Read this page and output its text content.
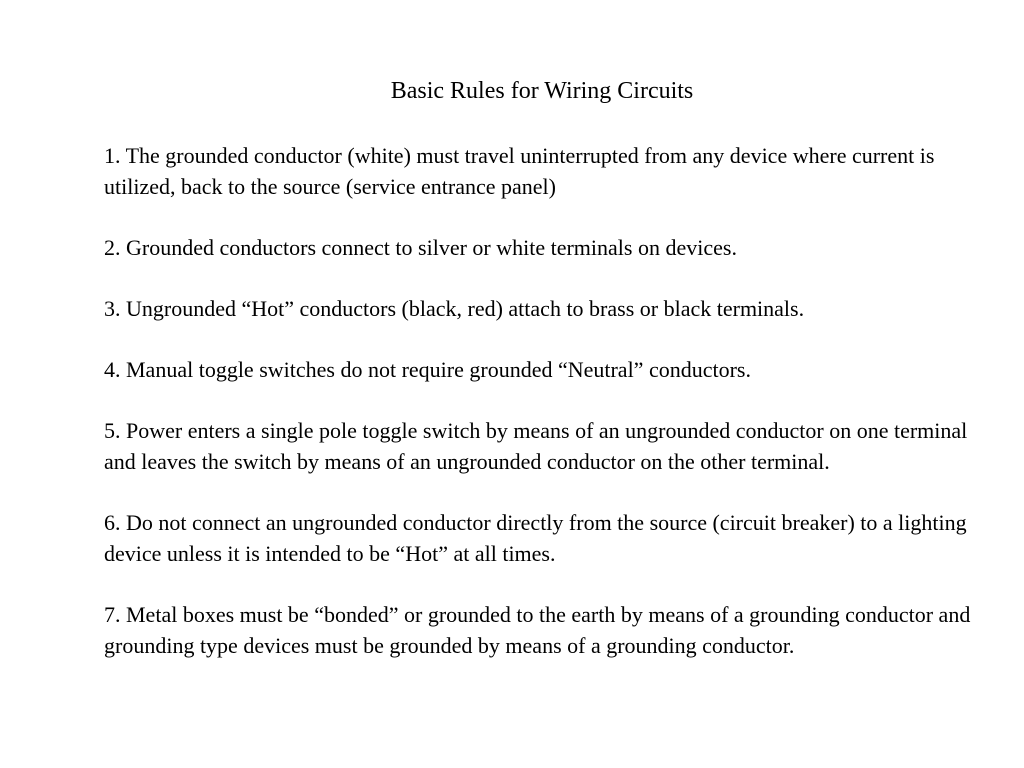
Basic Rules for Wiring Circuits
1. The grounded conductor (white) must travel uninterrupted from any device where current is utilized, back to the source (service entrance panel)
2. Grounded conductors connect to silver or white terminals on devices.
3. Ungrounded “Hot” conductors (black, red) attach to brass or black terminals.
4. Manual toggle switches do not require grounded “Neutral” conductors.
5. Power enters a single pole toggle switch by means of an ungrounded conductor on one terminal and leaves the switch by means of an ungrounded conductor on the other terminal.
6. Do not connect an ungrounded conductor directly from the source (circuit breaker) to a lighting device unless it is intended to be “Hot” at all times.
7. Metal boxes must be “bonded” or grounded to the earth by means of a grounding conductor and grounding type devices must be grounded by means of a grounding conductor.
